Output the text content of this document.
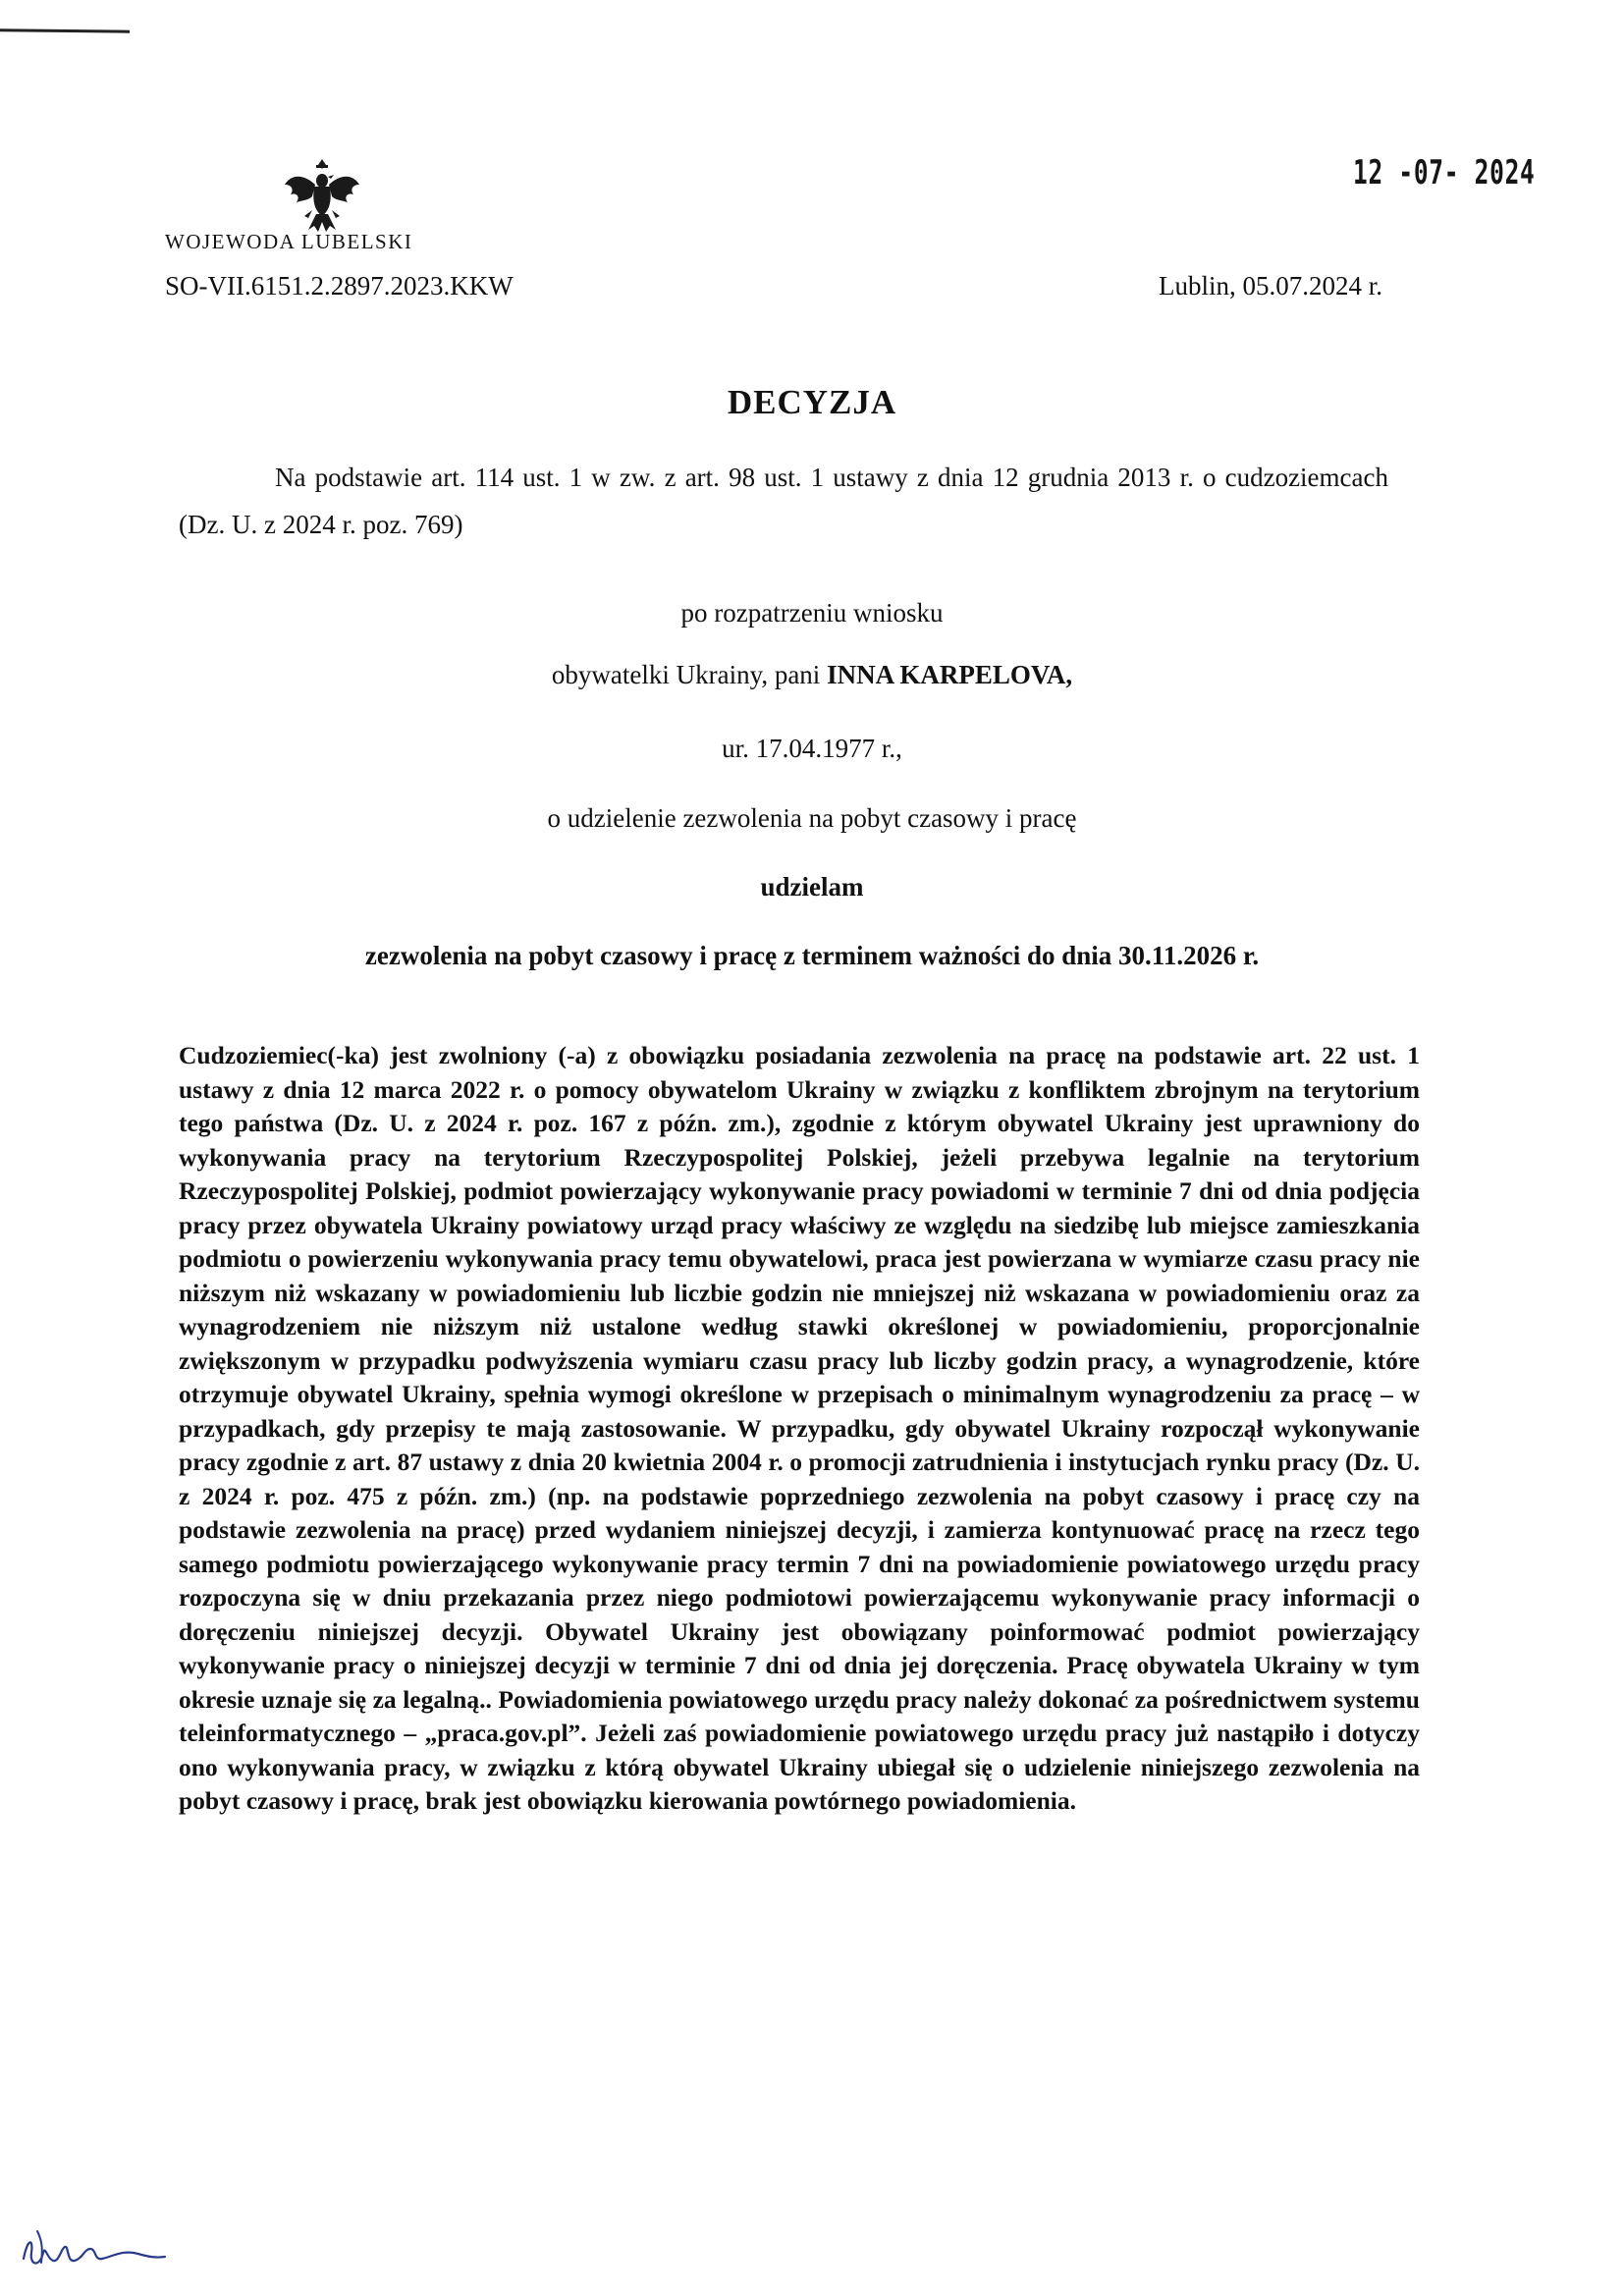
WOJEWODA LUBELSKI
12 -07- 2024
SO-VII.6151.2.2897.2023.KKW	Lublin, 05.07.2024 r.
DECYZJA
Na podstawie art. 114 ust. 1 w zw. z art. 98 ust. 1 ustawy z dnia 12 grudnia 2013 r. o cudzoziemcach (Dz. U. z 2024 r. poz. 769)
po rozpatrzeniu wniosku
obywatelki Ukrainy, pani INNA KARPELOVA,
ur. 17.04.1977 r.,
o udzielenie zezwolenia na pobyt czasowy i pracę
udzielam
zezwolenia na pobyt czasowy i pracę z terminem ważności do dnia 30.11.2026 r.
Cudzoziemiec(-ka) jest zwolniony (-a) z obowiązku posiadania zezwolenia na pracę na podstawie art. 22 ust. 1 ustawy z dnia 12 marca 2022 r. o pomocy obywatelom Ukrainy w związku z konfliktem zbrojnym na terytorium tego państwa (Dz. U. z 2024 r. poz. 167 z późn. zm.), zgodnie z którym obywatel Ukrainy jest uprawniony do wykonywania pracy na terytorium Rzeczypospolitej Polskiej, jeżeli przebywa legalnie na terytorium Rzeczypospolitej Polskiej, podmiot powierzający wykonywanie pracy powiadomi w terminie 7 dni od dnia podjęcia pracy przez obywatela Ukrainy powiatowy urząd pracy właściwy ze względu na siedzibę lub miejsce zamieszkania podmiotu o powierzeniu wykonywania pracy temu obywatelowi, praca jest powierzana w wymiarze czasu pracy nie niższym niż wskazany w powiadomieniu lub liczbie godzin nie mniejszej niż wskazana w powiadomieniu oraz za wynagrodzeniem nie niższym niż ustalone według stawki określonej w powiadomieniu, proporcjonalnie zwiększonym w przypadku podwyższenia wymiaru czasu pracy lub liczby godzin pracy, a wynagrodzenie, które otrzymuje obywatel Ukrainy, spełnia wymogi określone w przepisach o minimalnym wynagrodzeniu za pracę – w przypadkach, gdy przepisy te mają zastosowanie. W przypadku, gdy obywatel Ukrainy rozpoczął wykonywanie pracy zgodnie z art. 87 ustawy z dnia 20 kwietnia 2004 r. o promocji zatrudnienia i instytucjach rynku pracy (Dz. U. z 2024 r. poz. 475 z późn. zm.) (np. na podstawie poprzedniego zezwolenia na pobyt czasowy i pracę czy na podstawie zezwolenia na pracę) przed wydaniem niniejszej decyzji, i zamierza kontynuować pracę na rzecz tego samego podmiotu powierzającego wykonywanie pracy termin 7 dni na powiadomienie powiatowego urzędu pracy rozpoczyna się w dniu przekazania przez niego podmiotowi powierzającemu wykonywanie pracy informacji o doręczeniu niniejszej decyzji. Obywatel Ukrainy jest obowiązany poinformować podmiot powierzający wykonywanie pracy o niniejszej decyzji w terminie 7 dni od dnia jej doręczenia. Pracę obywatela Ukrainy w tym okresie uznaje się za legalną.. Powiadomienia powiatowego urzędu pracy należy dokonać za pośrednictwem systemu teleinformatycznego – „praca.gov.pl”. Jeżeli zaś powiadomienie powiatowego urzędu pracy już nastąpiło i dotyczy ono wykonywania pracy, w związku z którą obywatel Ukrainy ubiegał się o udzielenie niniejszego zezwolenia na pobyt czasowy i pracę, brak jest obowiązku kierowania powtórnego powiadomienia.
